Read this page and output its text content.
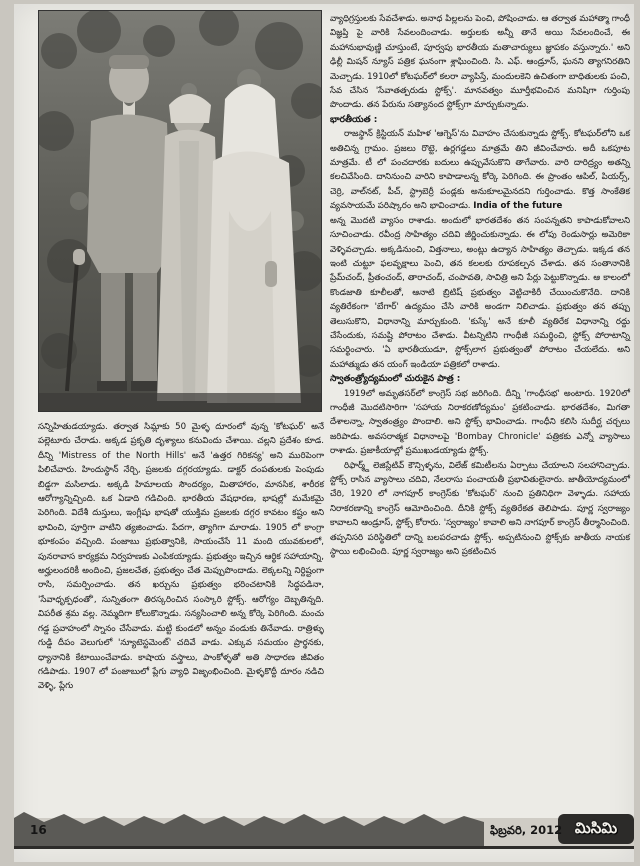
సన్నిహితుడయ్యాడు. తర్వాత సిమ్లాకు 50 మైళ్ళ దూరంలో వున్న 'కోటఘర్' అనే పల్లెటూరు చేరాడు. అక్కడ ప్రకృతి దృశ్యాలు కనువిందు చేశాయి. చల్లని ప్రదేశం కూడ. దీన్ని 'Mistress of the North Hills' అనే 'ఉత్తర గిరికన్య' అని మురిపెంగా పిలిచేవారు. హిందుస్థాన్ నేర్చి, ప్రజలకు దగ్గరయ్యాడు. డాక్టర్ దంపతులకు పెంపుడు బిడ్డగా మసిలాడు. అక్కడి హిమాలయ సౌందర్యం, మితాహారం, మానసిక, శారీరక ఆరోగ్యాన్నిచ్చింది. ఒక ఏడాది గడిచింది. భారతీయ వేషధారణ, భాషల్లో మమేకమై పెరిగింది. విదేశీ దుస్తులు, ఇంగ్లీషు భాషతో యుక్తిమ ప్రజలకు దగ్గర కావటం కష్టం అని భావించి, పూర్తిగా వాటిని త్యజించాడు. పేదగా, త్యాగిగా మారాడు. 1905 లో కాంగ్రా భూకంపం వచ్చింది. పంజాబు ప్రభుత్వానికి, సాయంచేసే 11 మంది యువకులలో, పునరావాస కార్యక్రమ నిర్వహణకు ఎంపికయ్యాడు. ప్రభుత్వం ఇచ్చిన ఆర్థిక సహాయాన్ని, అర్హులందరికీ అందించి, ప్రజలచేత, ప్రభుత్వం చేత మెప్పుపొందాడు. లెక్కలన్ని నిర్దిష్టంగా రాసి, సమర్పించాడు. తన ఖర్చును ప్రభుత్వం భరించటానికి సిద్ధపడినా, 'సేవాధృక్పధంతో', సున్నితంగా తిరస్కరించిన సంస్కారి స్టోక్స్. ఆరోగ్యం దెబ్బతిన్నది. విపరీత శ్రమ వల్ల. నెమ్మదిగా కోలుకొన్నాడు. సన్యసించాలి అన్న కోర్కె పెరిగింది. మంచు గడ్డ ప్రవాహంలో స్నానం చేసేవాడు. మట్టి కుండలో అన్నం వండుకు తినేవాడు. రాత్రిళ్ళు గుడ్డి దీపం వెలుగులో 'న్యూటెస్టమెంట్' చదివే వాడు. ఎక్కువ సమయం ప్రార్థనకు, ధ్యానానికి కేటాయించేవాడు. కాషాయ వస్త్రాలు, పాంకోళ్ళతో అతి సాధారణ జీవితం గడిపాడు. 1907 లో పంజాబులో ప్లేగు వ్యాధి విజృంభించింది. మైళ్ళకొద్దీ దూరం నడిచి వెళ్ళి, ప్లేగు

వ్యాధిగ్రస్తులకు సేవచేశాడు. అనాధ పిల్లలను పెంచి, పోషించాడు. ఆ తర్వాత మహాత్మా గాంధీ విజ్ఞప్తి పై వారికి సేవలందించాడు. అర్తులకు అన్నీ తానే అయి సేవలందించే, ఈ మహానుభావుణ్ణి చూస్తుంటే, పూర్వపు భారతీయ మతాచార్యులు జ్ఞాపకం వస్తున్నారు.' అని ఢిల్లీ మిషన్ న్యూస్ పత్రిక ఘనంగా శ్లాఘించింది. సి. ఎఫ్. ఆండ్రూస్, ఘనని త్యాగనిరతిని మెచ్చాడు. 1910లో కోటఘర్‌లో కలరా వ్యాపిస్తే, మందులకెని ఉచితంగా బాధితులకు పంచి, సేవ చేసిన 'సేవాతత్పరుడు స్టోక్స్'. మానవత్వం మూర్తీభవించిన మనిషిగా గుర్తింపు పొందాడు. తన పేరును సత్యానంద స్టోక్స్‌గా మార్చుకున్నాడు.

భారతీయత :

రాజస్థాన్ క్రిస్టియన్ మహిళ 'ఆగ్నెస్'ను వివాహం చేసుకున్నాడు స్టోక్స్. కోటఘర్‌లోని ఒక అతిచిన్న గ్రామం. ప్రజలు రొట్టె, ఉర్లగడ్డలు మాత్రమే తిని జీవించేవారు. అదీ ఒకపూట మాత్రమే. టీ లో పంచదారకు బదులు ఉప్పువేసుకొని తాగేవారు. వారి దారిద్ర్యం అతన్ని కలచివేసింది. దానినుంచి వారిని కాపాడాలన్న కోర్కె పెరిగింది. ఈ ప్రాంతం ఆపిల్, పియర్స్, చెర్రి, వాల్‌నట్, పీచ్, స్ట్రాబెర్రీ పండ్లకు అనుకూలమైనదని గుర్తించాడు. కొత్త సాంకేతిక వ్యవసాయమే పరిష్కారం అని భావించాడు. India of the future

అన్న మొదటి వ్యాసం రాశాడు. అందులో భారతదేశం తన సంపన్నతని కాపాడుకోవాలని సూచించాడు. రవీంద్ర సాహిత్యం చదివి జీర్ణించుకున్నాడు. ఈ లోపు రెండుసార్లు అమెరికా వెళ్ళివచ్చాడు. అక్కడినుంచి, విత్తనాలు, అంట్లు ఉద్యాన సాహిత్యం తెచ్చాడు. ఇక్కడ తన ఇంటి చుట్టూ ఫలవృక్షాలు పెంచి, తన కలలకు రూపకల్పన చేశాడు. తన సంతానానికి ప్రేమ్‌చంద్, ప్రీతంచంద్, తారాచంద్, చంపావతి, సావిత్రి అని పేర్లు పెట్టుకొన్నాడు. ఆ కాలంలో కొండజాతి కూలీలతో, ఆనాటి బ్రిటిష్ ప్రభుత్వం వెట్టిచాకిరీ చేయించుకొనేది. దానికి వ్యతిరేకంగా 'బేగార్' ఉద్యమం చేసి వారికి అండగా నిలిచాడు. ప్రభుత్వం తన తప్పు తెలుసుకొని, విధానాన్ని మార్చుకుంది. 'కుస్కే' అనే కూలీ వ్యతిరేక విధానాన్ని రద్దు చేసేందుకు, సమష్టి పోరాటం చేశాడు. వీటన్నిటిని గాంధీజీ సమర్థించి, స్టోక్స్ పోరాటాన్ని సమర్థించారు. 'ఏ భారతీయుడూ, స్టోక్స్‌లాగ ప్రభుత్వంతో పోరాటం చేయలేదు. అని మహాత్ముడు తన యంగ్ ఇండియా పత్రికలో రాశాడు.

స్వాతంత్ర్యోద్యమంలో చురుకైన పాత్ర :

1919లో అమృతసర్‌లో కాంగ్రెస్ సభ జరిగింది. దీన్ని 'గాంధీసభ' అంటారు. 1920లో గాంధీజీ మొదటిసారిగా 'సహాయ నిరాకరణోద్యమం' ప్రకటించాడు. భారతదేశం, మిగతా దేశాలన్నా, స్వాతంత్ర్యం పొందాలి. అని స్టోక్స్ భావించాడు. గాంధీని కలిసి సుదీర్ఘ చర్చలు జరిపాడు. అవసరాత్మక విధానాలపై 'Bombay Chronicle' పత్రికకు ఎన్నో వ్యాసాలు రాశాడు. ప్రజాకీయాల్లో ప్రముఖుడయ్యాడు స్టోక్స్.

రిఫార్మ్డ్ లెజిస్లేటివ్ కౌన్సిళ్ళను, విలేజ్ కమిటీలను ఏర్పాటు చేయాలని సలహానిచ్చాడు. స్టోక్స్ రాసిన వ్యాసాలు చదివి, నేలరాసు పంచాయతీ ప్రభావితులైనారు. జాతీయోద్యమంలో చేరి, 1920 లో నాగపూర్ కాంగ్రెస్‌కు 'కోటఘర్' నుంచి ప్రతినిధిగా వెళ్ళాడు. సహాయ నిరాకరణాన్ని కాంగ్రెస్ ఆమోదించింది. దీనికి స్టోక్స్ వ్యతిరేకత తెలిపాడు. పూర్ణ స్వరాజ్యం కావాలని ఆండ్రూస్, స్టోక్స్ కోరారు. 'స్వరాజ్యం' కావాలి అని నాగపూర్ కాంగ్రెస్ తీర్మానించింది. తప్పనిసరి పరిస్థితిలో దాన్ని బలపరచాడు స్టోక్స్. అప్పటినుంచి స్టోక్స్‌కు జాతీయ నాయక స్థాయి లభించింది. పూర్ణ స్వరాజ్యం అని ప్రకటించిన

16	ఫిబ్రవరి, 2012 మిసిమి
